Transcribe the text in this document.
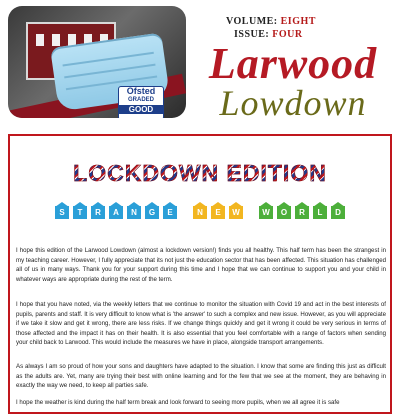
Ofsted
GRADED
GOOD
VOLUME: EIGHT
ISSUE: FOUR
Larwood
Lowdown
LOCKDOWN EDITION
S T R A N G E	N E W	W O R L D
I hope this edition of the Larwood Lowdown (almost a lockdown version!) finds you all healthy. This half term has been the strangest in my teaching career. However, I fully appreciate that its not just the education sector that has been affected. This situation has challenged all of us in many ways. Thank you for your support during this time and I hope that we can continue to support you and your child in whatever ways are appropriate during the rest of the term.
I hope that you have noted, via the weekly letters that we continue to monitor the situation with Covid 19 and act in the best interests of pupils, parents and staff. It is very difficult to know what is 'the answer' to such a complex and new issue. However, as you will appreciate if we take it slow and get it wrong, there are less risks. If we change things quickly and get it wrong it could be very serious in terms of those affected and the impact it has on their health. It is also essential that you feel comfortable with a range of factors when sending your child back to Larwood. This would include the measures we have in place, alongside transport arrangements.
As always I am so proud of how your sons and daughters have adapted to the situation. I know that some are finding this just as difficult as the adults are. Yet, many are trying their best with online learning and for the few that we see at the moment, they are behaving in exactly the way we need, to keep all parties safe.
I hope the weather is kind during the half term break and look forward to seeing more pupils, when we all agree it is safe
